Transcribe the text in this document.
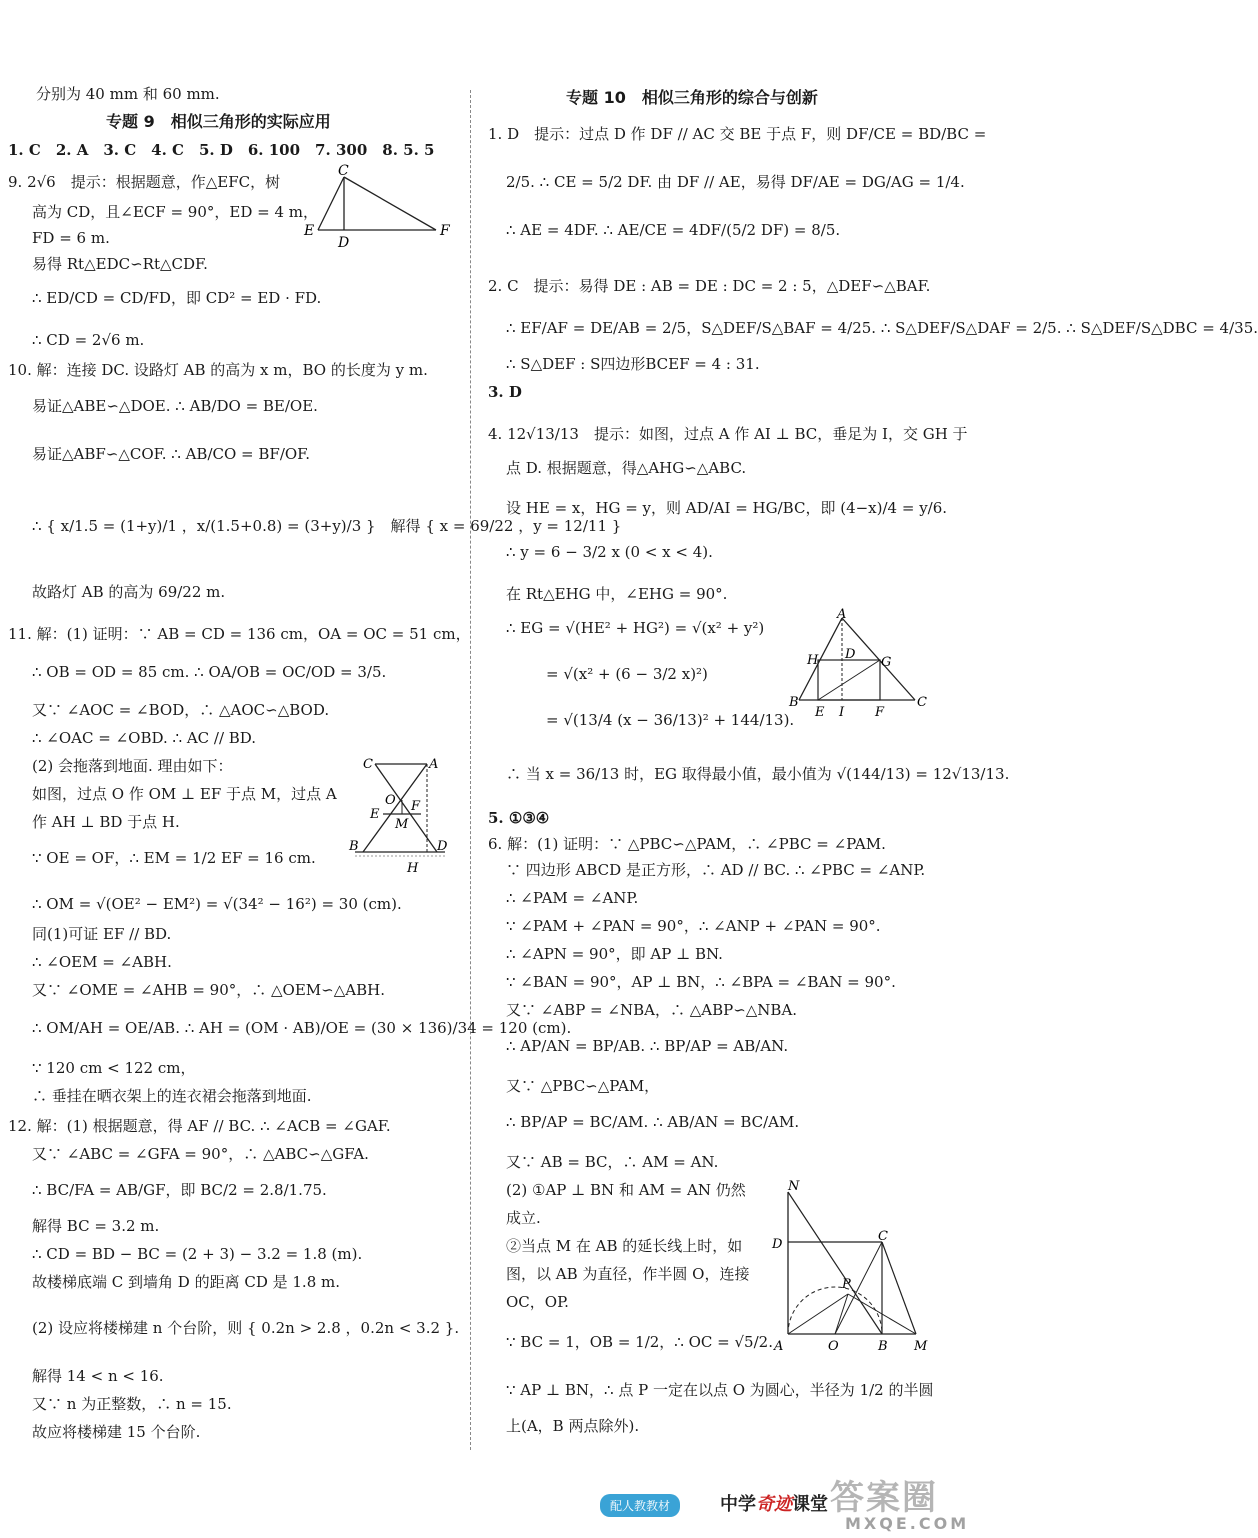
分别为 40 mm 和 60 mm.
专题 9　相似三角形的实际应用
1. C　2. A　3. C　4. C　5. D　6. 100　7. 300　8. 5. 5
9. 2√6　提示：根据题意，作△EFC，树
高为 CD，且∠ECF = 90°，ED = 4 m，
FD = 6 m.
易得 Rt△EDC∽Rt△CDF.
∴ ED/CD = CD/FD，即 CD² = ED · FD.
∴ CD = 2√6 m.
10. 解：连接 DC. 设路灯 AB 的高为 x m，BO 的长度为 y m.
易证△ABE∽△DOE. ∴ AB/DO = BE/OE.
易证△ABF∽△COF. ∴ AB/CO = BF/OF.
∴ { x/1.5 = (1+y)/1 ，x/(1.5+0.8) = (3+y)/3 }　解得 { x = 69/22 ，y = 12/11 }
故路灯 AB 的高为 69/22 m.
11. 解：(1) 证明：∵ AB = CD = 136 cm，OA = OC = 51 cm，
∴ OB = OD = 85 cm. ∴ OA/OB = OC/OD = 3/5.
又∵ ∠AOC = ∠BOD，∴ △AOC∽△BOD.
∴ ∠OAC = ∠OBD. ∴ AC // BD.
(2) 会拖落到地面. 理由如下：
如图，过点 O 作 OM ⊥ EF 于点 M，过点 A
作 AH ⊥ BD 于点 H.
∵ OE = OF，∴ EM = 1/2 EF = 16 cm.
∴ OM = √(OE² − EM²) = √(34² − 16²) = 30 (cm).
同(1)可证 EF // BD.
∴ ∠OEM = ∠ABH.
又∵ ∠OME = ∠AHB = 90°，∴ △OEM∽△ABH.
∴ OM/AH = OE/AB. ∴ AH = (OM · AB)/OE = (30 × 136)/34 = 120 (cm).
∵ 120 cm < 122 cm，
∴ 垂挂在晒衣架上的连衣裙会拖落到地面.
12. 解：(1) 根据题意，得 AF // BC. ∴ ∠ACB = ∠GAF.
又∵ ∠ABC = ∠GFA = 90°，∴ △ABC∽△GFA.
∴ BC/FA = AB/GF，即 BC/2 = 2.8/1.75.
解得 BC = 3.2 m.
∴ CD = BD − BC = (2 + 3) − 3.2 = 1.8 (m).
故楼梯底端 C 到墙角 D 的距离 CD 是 1.8 m.
(2) 设应将楼梯建 n 个台阶，则 { 0.2n > 2.8 ，0.2n < 3.2 }.
解得 14 < n < 16.
又∵ n 为正整数，∴ n = 15.
故应将楼梯建 15 个台阶.
C
E
D
F
C	A
O
E
F
M
B	D
H
专题 10　相似三角形的综合与创新
1. D　提示：过点 D 作 DF // AC 交 BE 于点 F，则 DF/CE = BD/BC =
2/5. ∴ CE = 5/2 DF. 由 DF // AE，易得 DF/AE = DG/AG = 1/4.
∴ AE = 4DF. ∴ AE/CE = 4DF/(5/2 DF) = 8/5.
2. C　提示：易得 DE : AB = DE : DC = 2 : 5，△DEF∽△BAF.
∴ EF/AF = DE/AB = 2/5，S△DEF/S△BAF = 4/25. ∴ S△DEF/S△DAF = 2/5. ∴ S△DEF/S△DBC = 4/35.
∴ S△DEF : S四边形BCEF = 4 : 31.
3. D
4. 12√13/13　提示：如图，过点 A 作 AI ⊥ BC，垂足为 I，交 GH 于
点 D. 根据题意，得△AHG∽△ABC.
设 HE = x，HG = y，则 AD/AI = HG/BC，即 (4−x)/4 = y/6.
∴ y = 6 − 3/2 x (0 < x < 4).
在 Rt△EHG 中，∠EHG = 90°.
∴ EG = √(HE² + HG²) = √(x² + y²)
= √(x² + (6 − 3/2 x)²)
= √(13/4 (x − 36/13)² + 144/13).
∴ 当 x = 36/13 时，EG 取得最小值，最小值为 √(144/13) = 12√13/13.
5. ①③④
6. 解：(1) 证明：∵ △PBC∽△PAM，∴ ∠PBC = ∠PAM.
∵ 四边形 ABCD 是正方形，∴ AD // BC. ∴ ∠PBC = ∠ANP.
∴ ∠PAM = ∠ANP.
∵ ∠PAM + ∠PAN = 90°，∴ ∠ANP + ∠PAN = 90°.
∴ ∠APN = 90°，即 AP ⊥ BN.
∵ ∠BAN = 90°，AP ⊥ BN，∴ ∠BPA = ∠BAN = 90°.
又∵ ∠ABP = ∠NBA，∴ △ABP∽△NBA.
∴ AP/AN = BP/AB. ∴ BP/AP = AB/AN.
又∵ △PBC∽△PAM，
∴ BP/AP = BC/AM. ∴ AB/AN = BC/AM.
又∵ AB = BC，∴ AM = AN.
(2) ①AP ⊥ BN 和 AM = AN 仍然
成立.
②当点 M 在 AB 的延长线上时，如
图，以 AB 为直径，作半圆 O，连接
OC，OP.
∵ BC = 1，OB = 1/2，∴ OC = √5/2.
∵ AP ⊥ BN，∴ 点 P 一定在以点 O 为圆心，半径为 1/2 的半圆
上(A，B 两点除外).
A
H D
G
B
E I F
C
N
D
C
P
A	O	B M
配人教教材	中学奇迹课堂 答案圈
MXQE.COM
